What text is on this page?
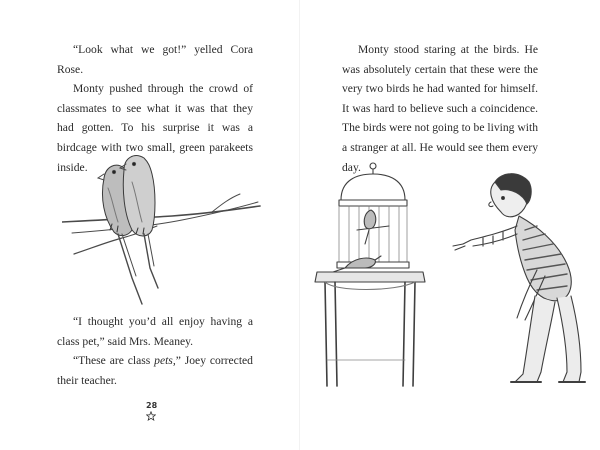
“Look what we got!” yelled Cora Rose.

Monty pushed through the crowd of classmates to see what it was that they had gotten. To his surprise it was a birdcage with two small, green parakeets inside.

“I thought you’d all enjoy having a class pet,” said Mrs. Meaney.

“These are class pets,” Joey corrected their teacher.

28

Monty stood staring at the birds. He was absolutely certain that these were the very two birds he had wanted for himself. It was hard to believe such a coincidence. The birds were not going to be living with a stranger at all. He would see them every day.
